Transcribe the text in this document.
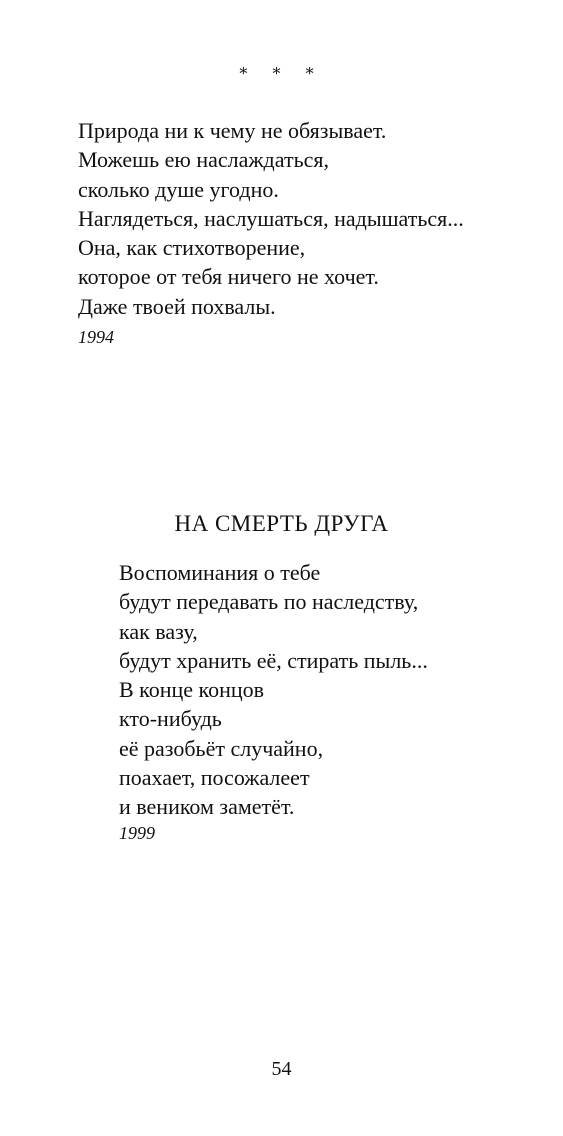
* * *
Природа ни к чему не обязывает.
Можешь ею наслаждаться,
сколько душе угодно.
Наглядеться, наслушаться, надышаться...
Она, как стихотворение,
которое от тебя ничего не хочет.
Даже твоей похвалы.
1994
НА СМЕРТЬ ДРУГА
Воспоминания о тебе
будут передавать по наследству,
как вазу,
будут хранить её, стирать пыль...
В конце концов
кто-нибудь
её разобьёт случайно,
поахает, посожалеет
и веником заметёт.
1999
54
